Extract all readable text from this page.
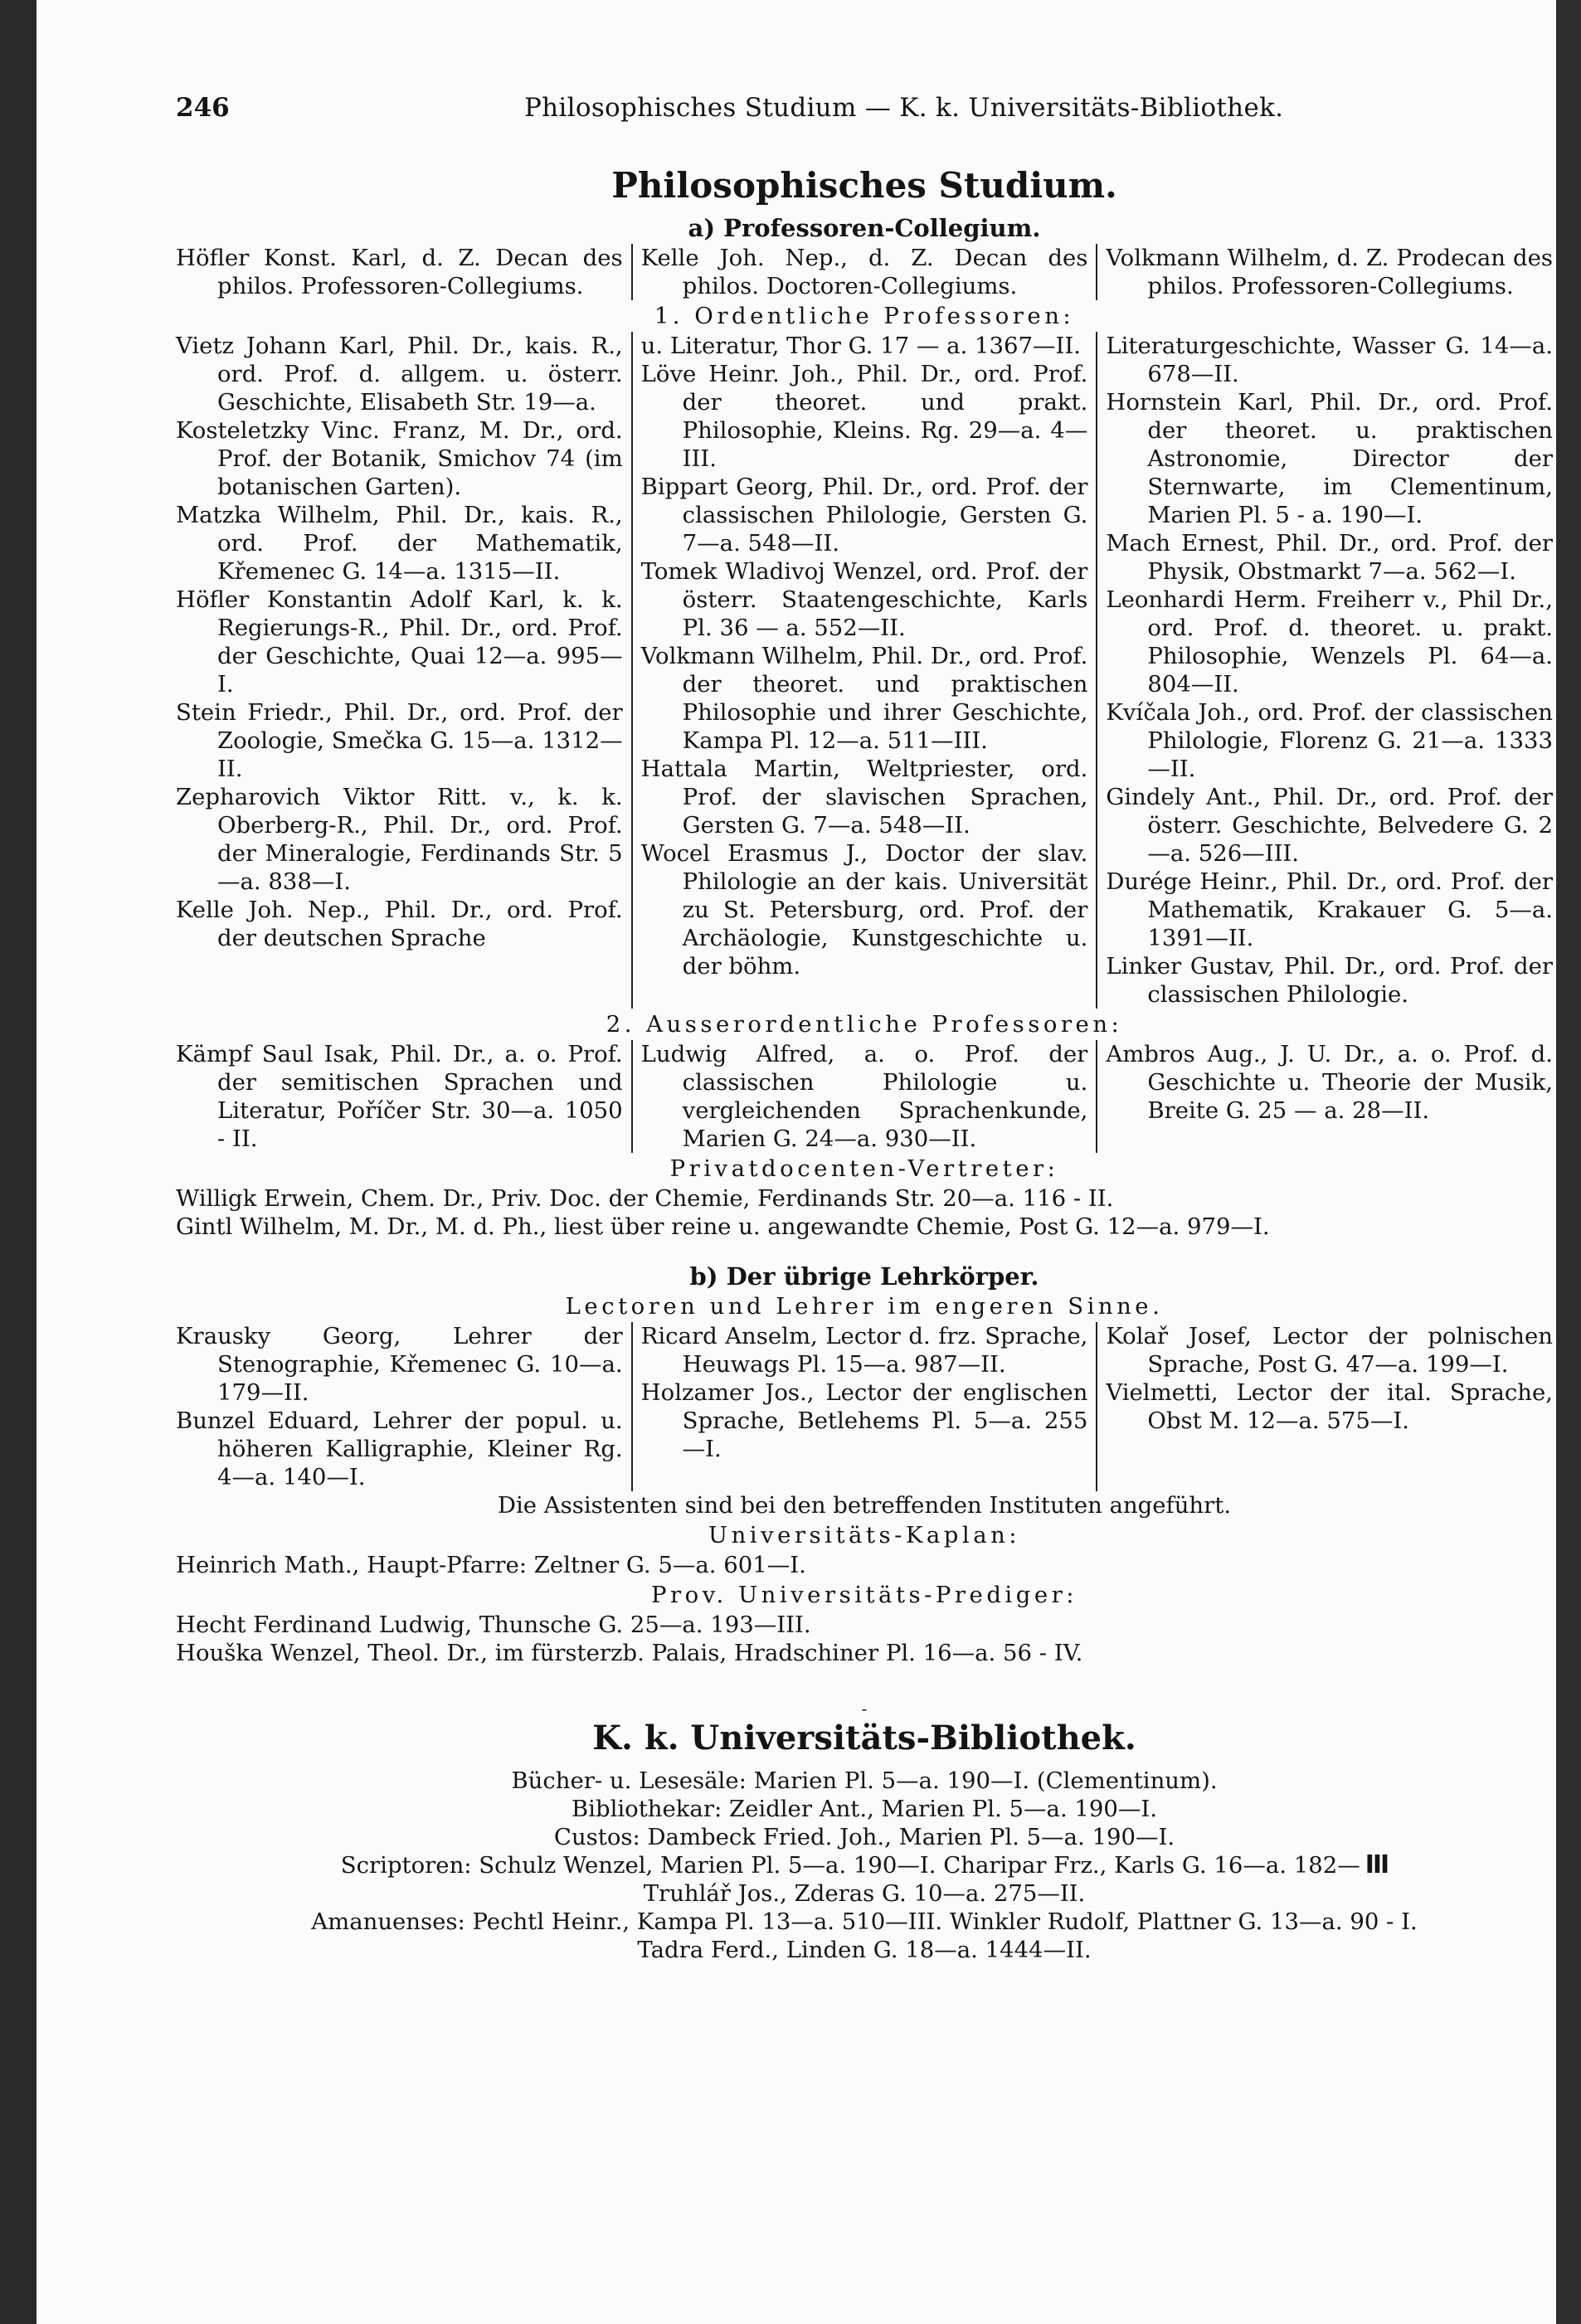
246	Philosophisches Studium — K. k. Universitäts-Bibliothek.
Philosophisches Studium.
a) Professoren-Collegium.

Höfler Konst. Karl, d. Z. Decan des philos. Professoren-Collegiums.

Kelle Joh. Nep., d. Z. Decan des philos. Doctoren-Collegiums.

Volkmann Wilhelm, d. Z. Prodecan des philos. Professoren-Collegiums.

1. Ordentliche Professoren:

Vietz Johann Karl, Phil. Dr., kais. R., ord. Prof. d. allgem. u. österr. Geschichte, Elisabeth Str. 19—a.

Kosteletzky Vinc. Franz, M. Dr., ord. Prof. der Botanik, Smichov 74 (im botanischen Garten).

Matzka Wilhelm, Phil. Dr., kais. R., ord. Prof. der Mathematik, Křemenec G. 14—a. 1315—II.

Höfler Konstantin Adolf Karl, k. k. Regierungs-R., Phil. Dr., ord. Prof. der Geschichte, Quai 12—a. 995—I.

Stein Friedr., Phil. Dr., ord. Prof. der Zoologie, Smečka G. 15—a. 1312—II.

Zepharovich Viktor Ritt. v., k. k. Oberberg-R., Phil. Dr., ord. Prof. der Mineralogie, Ferdinands Str. 5—a. 838—I.

Kelle Joh. Nep., Phil. Dr., ord. Prof. der deutschen Sprache

u. Literatur, Thor G. 17 — a. 1367—II.

Löve Heinr. Joh., Phil. Dr., ord. Prof. der theoret. und prakt. Philosophie, Kleins. Rg. 29—a. 4—III.

Bippart Georg, Phil. Dr., ord. Prof. der classischen Philologie, Gersten G. 7—a. 548—II.

Tomek Wladivoj Wenzel, ord. Prof. der österr. Staatengeschichte, Karls Pl. 36 — a. 552—II.

Volkmann Wilhelm, Phil. Dr., ord. Prof. der theoret. und praktischen Philosophie und ihrer Geschichte, Kampa Pl. 12—a. 511—III.

Hattala Martin, Weltpriester, ord. Prof. der slavischen Sprachen, Gersten G. 7—a. 548—II.

Wocel Erasmus J., Doctor der slav. Philologie an der kais. Universität zu St. Petersburg, ord. Prof. der Archäologie, Kunstgeschichte u. der böhm.

Literaturgeschichte, Wasser G. 14—a. 678—II.

Hornstein Karl, Phil. Dr., ord. Prof. der theoret. u. praktischen Astronomie, Director der Sternwarte, im Clementinum, Marien Pl. 5 - a. 190—I.

Mach Ernest, Phil. Dr., ord. Prof. der Physik, Obstmarkt 7—a. 562—I.

Leonhardi Herm. Freiherr v., Phil Dr., ord. Prof. d. theoret. u. prakt. Philosophie, Wenzels Pl. 64—a. 804—II.

Kvíčala Joh., ord. Prof. der classischen Philologie, Florenz G. 21—a. 1333—II.

Gindely Ant., Phil. Dr., ord. Prof. der österr. Geschichte, Belvedere G. 2—a. 526—III.

Durége Heinr., Phil. Dr., ord. Prof. der Mathematik, Krakauer G. 5—a. 1391—II.

Linker Gustav, Phil. Dr., ord. Prof. der classischen Philologie.

2. Ausserordentliche Professoren:

Kämpf Saul Isak, Phil. Dr., a. o. Prof. der semitischen Sprachen und Literatur, Poříčer Str. 30—a. 1050 - II.

Ludwig Alfred, a. o. Prof. der classischen Philologie u. vergleichenden Sprachenkunde, Marien G. 24—a. 930—II.

Ambros Aug., J. U. Dr., a. o. Prof. d. Geschichte u. Theorie der Musik, Breite G. 25 — a. 28—II.

Privatdocenten-Vertreter:

Willigk Erwein, Chem. Dr., Priv. Doc. der Chemie, Ferdinands Str. 20—a. 116 - II.

Gintl Wilhelm, M. Dr., M. d. Ph., liest über reine u. angewandte Chemie, Post G. 12—a. 979—I.

b) Der übrige Lehrkörper.
Lectoren und Lehrer im engeren Sinne.

Krausky Georg, Lehrer der Stenographie, Křemenec G. 10—a. 179—II.

Bunzel Eduard, Lehrer der popul. u. höheren Kalligraphie, Kleiner Rg. 4—a. 140—I.

Ricard Anselm, Lector d. frz. Sprache, Heuwags Pl. 15—a. 987—II.

Holzamer Jos., Lector der englischen Sprache, Betlehems Pl. 5—a. 255—I.

Kolař Josef, Lector der polnischen Sprache, Post G. 47—a. 199—I.

Vielmetti, Lector der ital. Sprache, Obst M. 12—a. 575—I.

Die Assistenten sind bei den betreffenden Instituten angeführt.

Universitäts-Kaplan:

Heinrich Math., Haupt-Pfarre: Zeltner G. 5—a. 601—I.

Prov. Universitäts-Prediger:

Hecht Ferdinand Ludwig, Thunsche G. 25—a. 193—III.

Houška Wenzel, Theol. Dr., im fürsterzb. Palais, Hradschiner Pl. 16—a. 56 - IV.

-

K. k. Universitäts-Bibliothek.

Bücher- u. Lesesäle: Marien Pl. 5—a. 190—I. (Clementinum).

Bibliothekar: Zeidler Ant., Marien Pl. 5—a. 190—I.

Custos: Dambeck Fried. Joh., Marien Pl. 5—a. 190—I.

Scriptoren: Schulz Wenzel, Marien Pl. 5—a. 190—I. Charipar Frz., Karls G. 16—a. 182— III

Truhlář Jos., Zderas G. 10—a. 275—II.

Amanuenses: Pechtl Heinr., Kampa Pl. 13—a. 510—III. Winkler Rudolf, Plattner G. 13—a. 90 - I.

Tadra Ferd., Linden G. 18—a. 1444—II.
